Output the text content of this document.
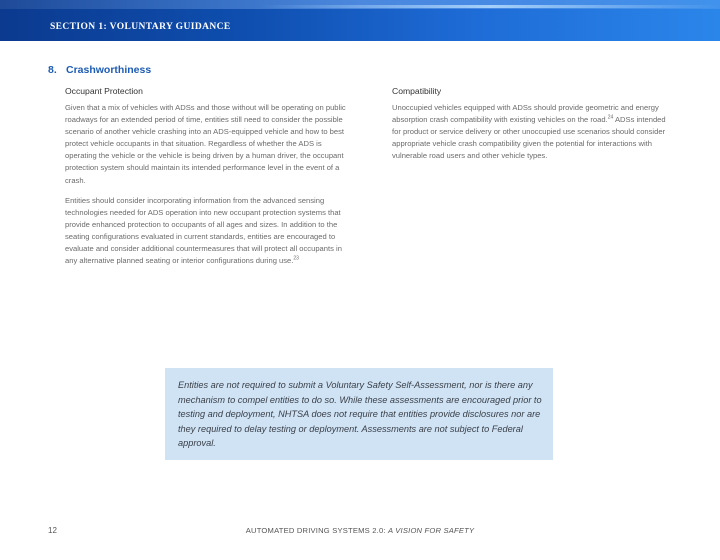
SECTION 1: VOLUNTARY GUIDANCE
8. Crashworthiness
Occupant Protection

Given that a mix of vehicles with ADSs and those without will be operating on public roadways for an extended period of time, entities still need to consider the possible scenario of another vehicle crashing into an ADS-equipped vehicle and how to best protect vehicle occupants in that situation. Regardless of whether the ADS is operating the vehicle or the vehicle is being driven by a human driver, the occupant protection system should maintain its intended performance level in the event of a crash.

Entities should consider incorporating information from the advanced sensing technologies needed for ADS operation into new occupant protection systems that provide enhanced protection to occupants of all ages and sizes. In addition to the seating configurations evaluated in current standards, entities are encouraged to evaluate and consider additional countermeasures that will protect all occupants in any alternative planned seating or interior configurations during use.$^{23}$

Compatibility

Unoccupied vehicles equipped with ADSs should provide geometric and energy absorption crash compatibility with existing vehicles on the road.$^{24}$ ADSs intended for product or service delivery or other unoccupied use scenarios should consider appropriate vehicle crash compatibility given the potential for interactions with vulnerable road users and other vehicle types.

Entities are not required to submit a Voluntary Safety Self-Assessment, nor is there any mechanism to compel entities to do so. While these assessments are encouraged prior to testing and deployment, NHTSA does not require that entities provide disclosures nor are they required to delay testing or deployment. Assessments are not subject to Federal approval.
12	AUTOMATED DRIVING SYSTEMS 2.0: A VISION FOR SAFETY
